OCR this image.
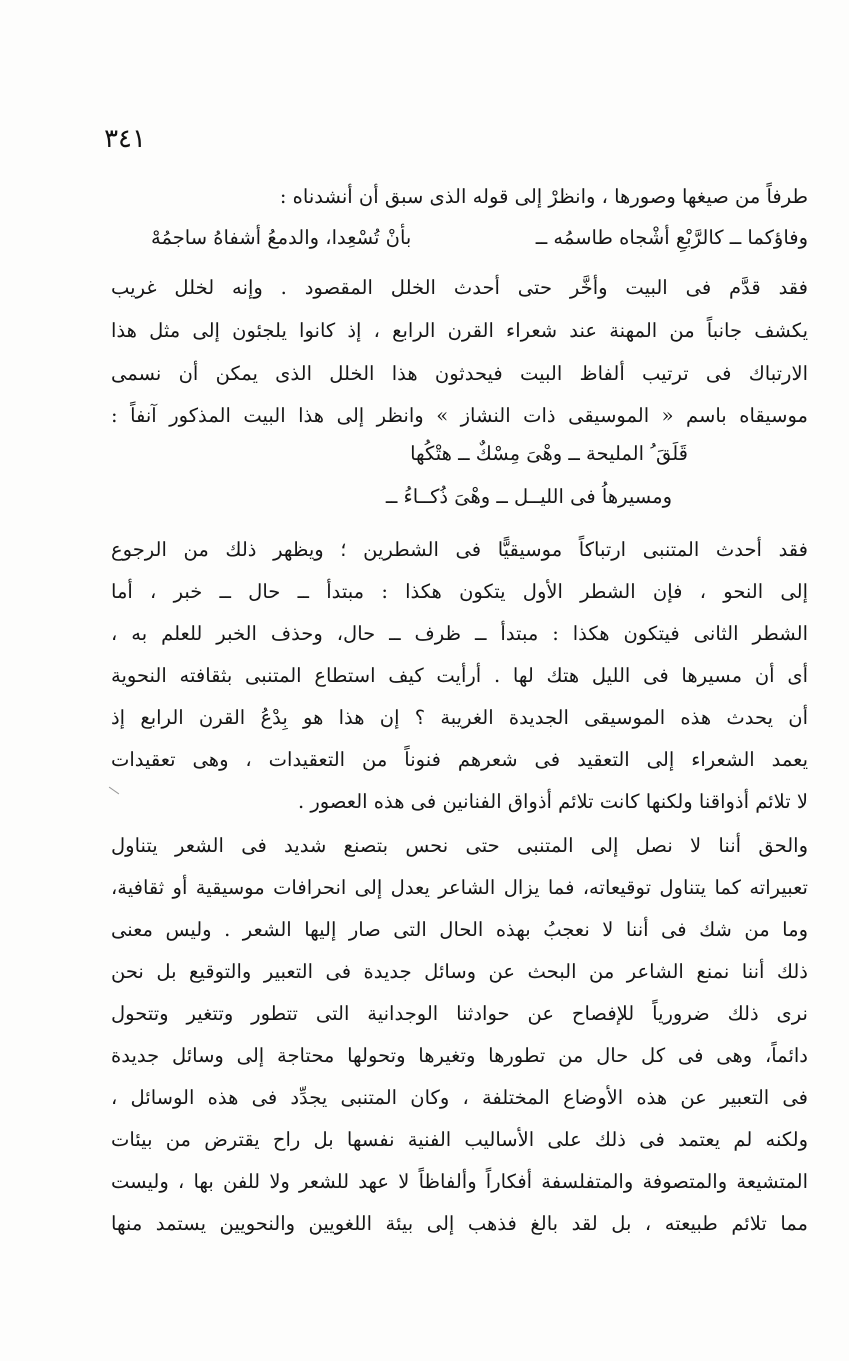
٣٤١
طرفاً من صيغها وصورها ، وانظرْ إلى قوله الذى سبق أن أنشدناه :
وفاؤكما ــ كالرَّبْعِ أشْجاه طاسمُه ــ
بأنْ تُسْعِدا، والدمعُ أشفاهُ ساجمُهْ
فقد قدَّم فى البيت وأخَّر حتى أحدث الخلل المقصود . وإنه لخلل غريب
يكشف جانباً من المهنة عند شعراء القرن الرابع ، إذ كانوا يلجئون إلى مثل هذا
الارتباك فى ترتيب ألفاظ البيت فيحدثون هذا الخلل الذى يمكن أن نسمى
موسيقاه باسم « الموسيقى ذات النشاز » وانظر إلى هذا البيت المذكور آنفاً :
قَلَقَ ُ المليحة ــ وهْىَ مِسْكٌ ــ هتْكُها
ومسيرهاُ فى الليــل ــ وهْىَ ذُكــاءُ ــ
فقد أحدث المتنبى ارتباكاً موسيقيًّا فى الشطرين ؛ ويظهر ذلك من الرجوع
إلى النحو ، فإن الشطر الأول يتكون هكذا : مبتدأ ــ حال ــ خبر ، أما
الشطر الثانى فيتكون هكذا : مبتدأ ــ ظرف ــ حال، وحذف الخبر للعلم به ،
أى أن مسيرها فى الليل هتك لها . أرأيت كيف استطاع المتنبى بثقافته النحوية
أن يحدث هذه الموسيقى الجديدة الغريبة ؟ إن هذا هو بِدْعُ القرن الرابع إذ
يعمد الشعراء إلى التعقيد فى شعرهم فنوناً من التعقيدات ، وهى تعقيدات
لا تلائم أذواقنا ولكنها كانت تلائم أذواق الفنانين فى هذه العصور .
والحق أننا لا نصل إلى المتنبى حتى نحس بتصنع شديد فى الشعر يتناول
تعبيراته كما يتناول توقيعاته، فما يزال الشاعر يعدل إلى انحرافات موسيقية أو ثقافية،
وما من شك فى أننا لا نعجبُ بهذه الحال التى صار إليها الشعر . وليس معنى
ذلك أننا نمنع الشاعر من البحث عن وسائل جديدة فى التعبير والتوقيع بل نحن
نرى ذلك ضرورياً للإفصاح عن حوادثنا الوجدانية التى تتطور وتتغير وتتحول
دائماً، وهى فى كل حال من تطورها وتغيرها وتحولها محتاجة إلى وسائل جديدة
فى التعبير عن هذه الأوضاع المختلفة ، وكان المتنبى يجدِّد فى هذه الوسائل ،
ولكنه لم يعتمد فى ذلك على الأساليب الفنية نفسها بل راح يقترض من بيئات
المتشيعة والمتصوفة والمتفلسفة أفكاراً وألفاظاً لا عهد للشعر ولا للفن بها ، وليست
مما تلائم طبيعته ، بل لقد بالغ فذهب إلى بيئة اللغويين والنحويين يستمد منها
